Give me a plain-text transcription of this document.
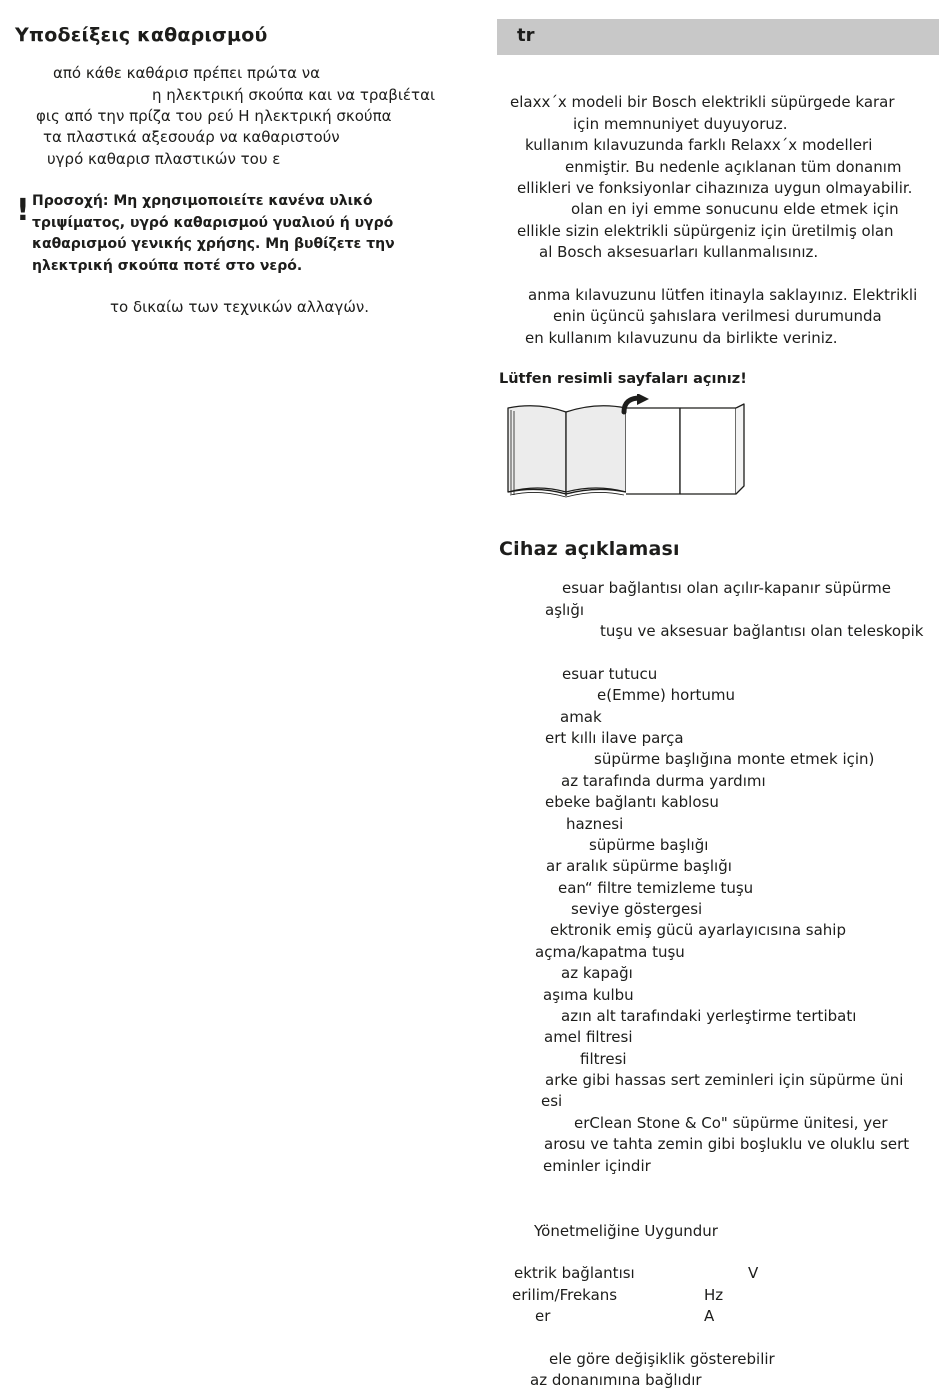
Υποδείξεις καθαρισμού
από κάθε καθάρισ πρέπει πρώτα να
η ηλεκτρική σκούπα και να τραβιέται
φις από την πρίζα του ρεύ Η ηλεκτρική σκούπα
τα πλαστικά αξεσουάρ να καθαριστούν
υγρό καθαρισ πλαστικών του ε
! Προσοχή: Μη χρησιμοποιείτε κανένα υλικό
τριψίματος, υγρό καθαρισμού γυαλιού ή υγρό
καθαρισμού γενικής χρήσης. Μη βυθίζετε την
ηλεκτρική σκούπα ποτέ στο νερό.
το δικαίω των τεχνικών αλλαγών.
tr
elaxx´x modeli bir Bosch elektrikli süpürgede karar
için memnuniyet duyuyoruz.
kullanım kılavuzunda farklı Relaxx´x modelleri
enmiştir. Bu nedenle açıklanan tüm donanım
ellikleri ve fonksiyonlar cihazınıza uygun olmayabilir.
olan en iyi emme sonucunu elde etmek için
ellikle sizin elektrikli süpürgeniz için üretilmiş olan
al Bosch aksesuarları kullanmalısınız.
anma kılavuzunu lütfen itinayla saklayınız. Elektrikli
enin üçüncü şahıslara verilmesi durumunda
en kullanım kılavuzunu da birlikte veriniz.
Lütfen resimli sayfaları açınız!
Cihaz açıklaması
esuar bağlantısı olan açılır-kapanır süpürme
aşlığı
tuşu ve aksesuar bağlantısı olan teleskopik
esuar tutucu
e(Emme) hortumu
amak
ert kıllı ilave parça
süpürme başlığına monte etmek için)
az tarafında durma yardımı
ebeke bağlantı kablosu
haznesi
süpürme başlığı
ar aralık süpürme başlığı
ean“ filtre temizleme tuşu
seviye göstergesi
ektronik emiş gücü ayarlayıcısına sahip
açma/kapatma tuşu
az kapağı
aşıma kulbu
azın alt tarafındaki yerleştirme tertibatı
amel filtresi
filtresi
arke gibi hassas sert zeminleri için süpürme üni
esi
erClean Stone & Co" süpürme ünitesi, yer
arosu ve tahta zemin gibi boşluklu ve oluklu sert
eminler içindir
Yönetmeliğine Uygundur
ektrik bağlantısı	V
erilim/Frekans	Hz
er	A
ele göre değişiklik gösterebilir
az donanımına bağlıdır
